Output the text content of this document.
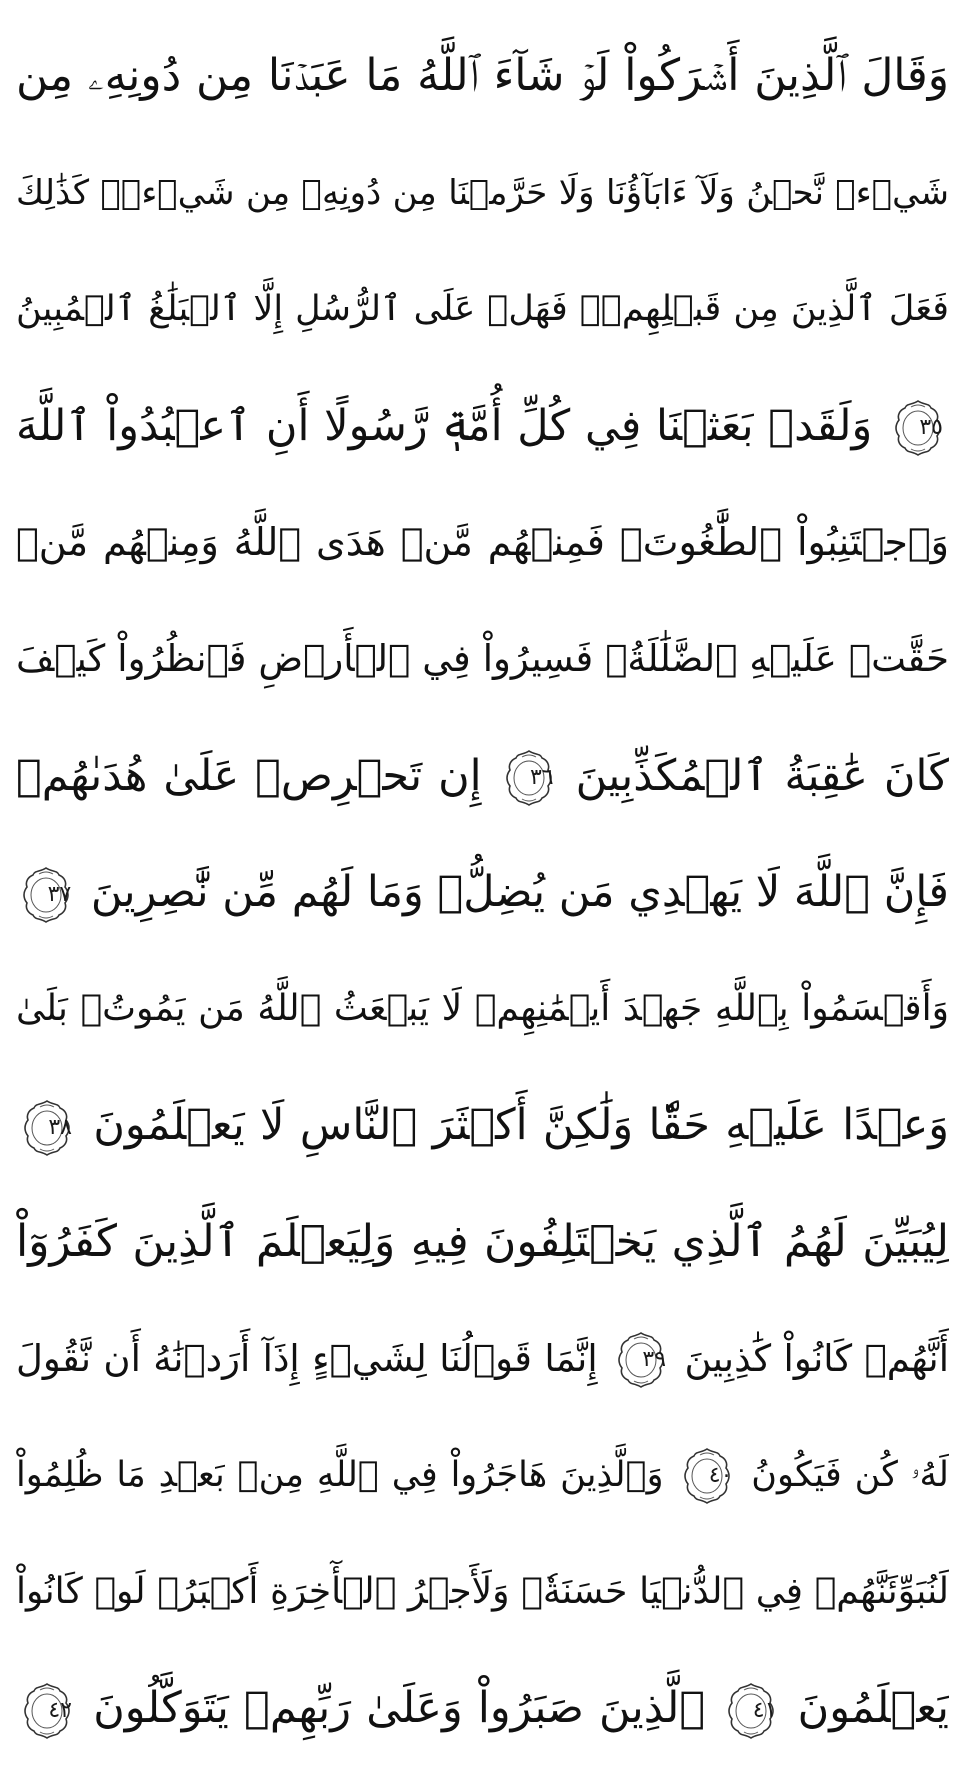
وَقَالَ ٱلَّذِينَ أَشۡرَكُواْ لَوۡ شَآءَ ٱللَّهُ مَا عَبَدۡنَا مِن دُونِهِۦ مِن
شَيۡءٖ نَّحۡنُ وَلَآ ءَابَآؤُنَا وَلَا حَرَّمۡنَا مِن دُونِهِۦ مِن شَيۡءٖۚ كَذَٰلِكَ
فَعَلَ ٱلَّذِينَ مِن قَبۡلِهِمۡۚ فَهَلۡ عَلَى ٱلرُّسُلِ إِلَّا ٱلۡبَلَٰغُ ٱلۡمُبِينُ
٣٥ وَلَقَدۡ بَعَثۡنَا فِي كُلِّ أُمَّةٖ رَّسُولًا أَنِ ٱعۡبُدُواْ ٱللَّهَ
وَٱجۡتَنِبُواْ ٱلطَّٰغُوتَۖ فَمِنۡهُم مَّنۡ هَدَى ٱللَّهُ وَمِنۡهُم مَّنۡ
حَقَّتۡ عَلَيۡهِ ٱلضَّلَٰلَةُۚ فَسِيرُواْ فِي ٱلۡأَرۡضِ فَٱنظُرُواْ كَيۡفَ
كَانَ عَٰقِبَةُ ٱلۡمُكَذِّبِينَ
٣٦ إِن تَحۡرِصۡ عَلَىٰ هُدَىٰهُمۡ
فَإِنَّ ٱللَّهَ لَا يَهۡدِي مَن يُضِلُّۖ وَمَا لَهُم مِّن نَّٰصِرِينَ
٣٧
وَأَقۡسَمُواْ بِٱللَّهِ جَهۡدَ أَيۡمَٰنِهِمۡ لَا يَبۡعَثُ ٱللَّهُ مَن يَمُوتُۚ بَلَىٰ
وَعۡدًا عَلَيۡهِ حَقّٗا وَلَٰكِنَّ أَكۡثَرَ ٱلنَّاسِ لَا يَعۡلَمُونَ
٣٨
لِيُبَيِّنَ لَهُمُ ٱلَّذِي يَخۡتَلِفُونَ فِيهِ وَلِيَعۡلَمَ ٱلَّذِينَ كَفَرُوٓاْ
أَنَّهُمۡ كَانُواْ كَٰذِبِينَ
٣٩ إِنَّمَا قَوۡلُنَا لِشَيۡءٍ إِذَآ أَرَدۡنَٰهُ أَن نَّقُولَ
لَهُۥ كُن فَيَكُونُ
٤٠ وَٱلَّذِينَ هَاجَرُواْ فِي ٱللَّهِ مِنۢ بَعۡدِ مَا ظُلِمُواْ
لَنُبَوِّئَنَّهُمۡ فِي ٱلدُّنۡيَا حَسَنَةٗۖ وَلَأَجۡرُ ٱلۡأٓخِرَةِ أَكۡبَرُۚ لَوۡ كَانُواْ
يَعۡلَمُونَ
٤١ ٱلَّذِينَ صَبَرُواْ وَعَلَىٰ رَبِّهِمۡ يَتَوَكَّلُونَ
٤٢
